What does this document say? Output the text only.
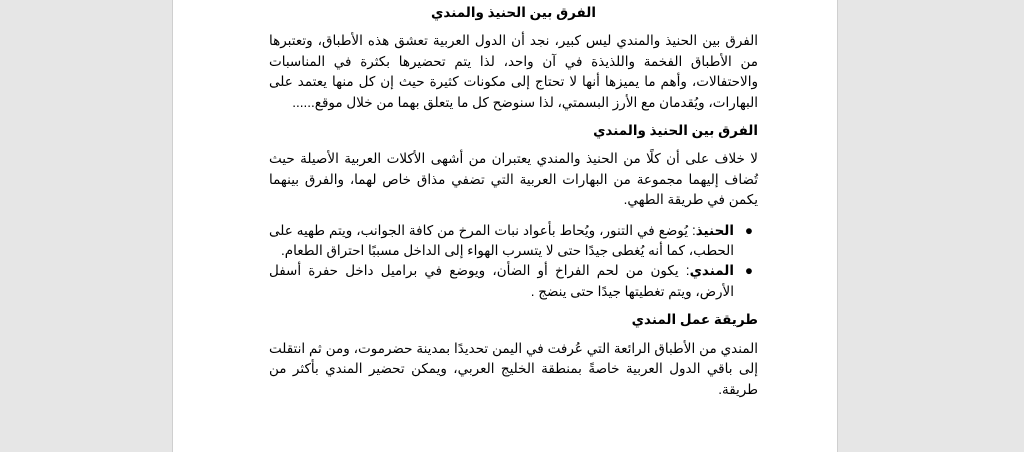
الفرق بين الحنيذ والمندي

الفرق بين الحنيذ والمندي ليس كبير، نجد أن الدول العربية تعشق هذه الأطباق، وتعتبرها من الأطباق الفخمة واللذيذة في آن واحد، لذا يتم تحضيرها بكثرة في المناسبات والاحتفالات، وأهم ما يميزها أنها لا تحتاج إلى مكونات كثيرة حيث إن كل منها يعتمد على البهارات، ويُقدمان مع الأرز البسمتي، لذا سنوضح كل ما يتعلق بهما من خلال موقع......

الفرق بين الحنيذ والمندي

لا خلاف على أن كلًا من الحنيذ والمندي يعتبران من أشهى الأكلات العربية الأصيلة حيث تُضاف إليهما مجموعة من البهارات العربية التي تضفي مذاق خاص لهما، والفرق بينهما يكمن في طريقة الطهي.

●
الحنيذ: يُوضع في التنور، ويُحاط بأعواد نبات المرخ من كافة الجوانب، ويتم طهيه على الحطب، كما أنه يُغطى جيدًا حتى لا يتسرب الهواء إلى الداخل مسببًا احتراق الطعام.
●
المندي: يكون من لحم الفراخ أو الضأن، ويوضع في براميل داخل حفرة أسفل الأرض، ويتم تغطيتها جيدًا حتى ينضج .
طريقة عمل المندي

المندي من الأطباق الرائعة التي عُرفت في اليمن تحديدًا بمدينة حضرموت، ومن ثم انتقلت إلى باقي الدول العربية خاصةً بمنطقة الخليج العربي، ويمكن تحضير المندي بأكثر من طريقة.
